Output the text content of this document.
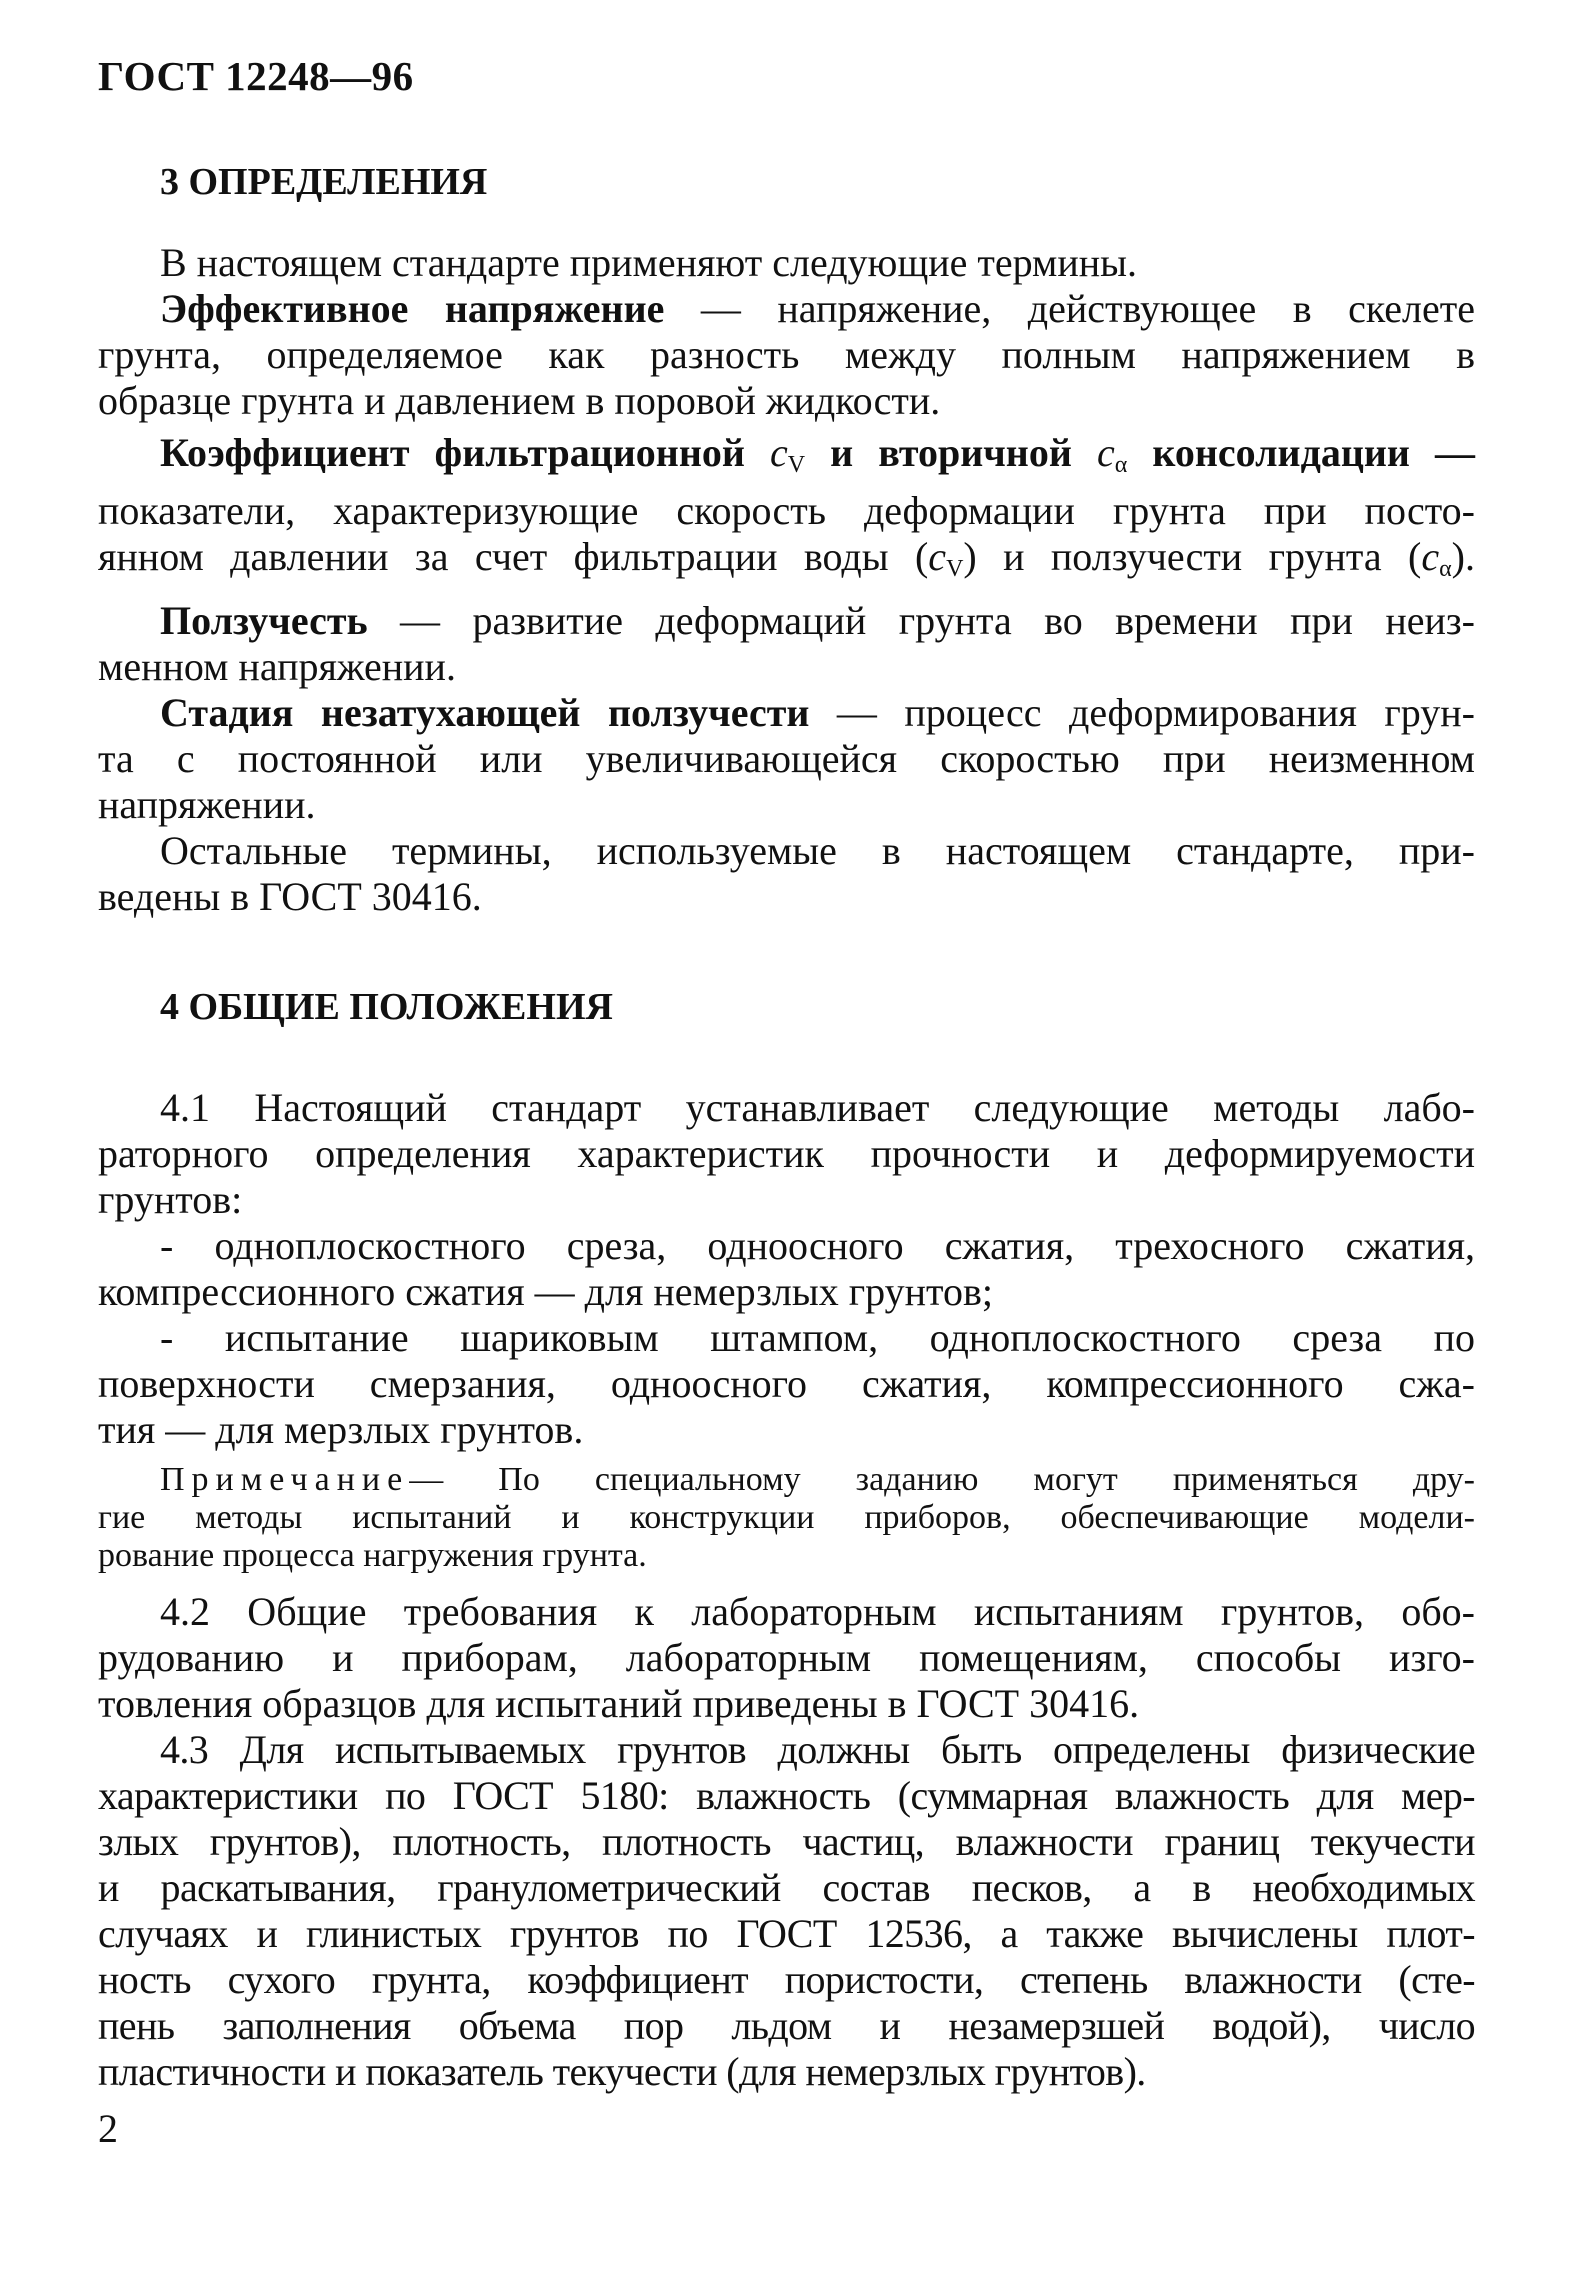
ГОСТ 12248—96
3 ОПРЕДЕЛЕНИЯ
В настоящем стандарте применяют следующие термины.
Эффективное напряжение — напряжение, действующее в скелете
грунта, определяемое как разность между полным напряжением в
образце грунта и давлением в поровой жидкости.
Коэффициент фильтрационной $c_V$ и вторичной $c_\alpha$ консолидации —
показатели, характеризующие скорость деформации грунта при посто-
янном давлении за счет фильтрации воды $(c_V)$ и ползучести грунта $(c_\alpha)$.
Ползучесть — развитие деформаций грунта во времени при неиз-
менном напряжении.
Стадия незатухающей ползучести — процесс деформирования грун-
та с постоянной или увеличивающейся скоростью при неизменном
напряжении.
Остальные термины, используемые в настоящем стандарте, при-
ведены в ГОСТ 30416.
4 ОБЩИЕ ПОЛОЖЕНИЯ
4.1 Настоящий стандарт устанавливает следующие методы лабо-
раторного определения характеристик прочности и деформируемости
грунтов:
- одноплоскостного среза, одноосного сжатия, трехосного сжатия,
компрессионного сжатия — для немерзлых грунтов;
- испытание шариковым штампом, одноплоскостного среза по
поверхности смерзания, одноосного сжатия, компрессионного сжа-
тия — для мерзлых грунтов.
Примечание— По специальному заданию могут применяться дру-
гие методы испытаний и конструкции приборов, обеспечивающие модели-
рование процесса нагружения грунта.
4.2 Общие требования к лабораторным испытаниям грунтов, обо-
рудованию и приборам, лабораторным помещениям, способы изго-
товления образцов для испытаний приведены в ГОСТ 30416.
4.3 Для испытываемых грунтов должны быть определены физические
характеристики по ГОСТ 5180: влажность (суммарная влажность для мер-
злых грунтов), плотность, плотность частиц, влажности границ текучести
и раскатывания, гранулометрический состав песков, а в необходимых
случаях и глинистых грунтов по ГОСТ 12536, а также вычислены плот-
ность сухого грунта, коэффициент пористости, степень влажности (сте-
пень заполнения объема пор льдом и незамерзшей водой), число
пластичности и показатель текучести (для немерзлых грунтов).
2
